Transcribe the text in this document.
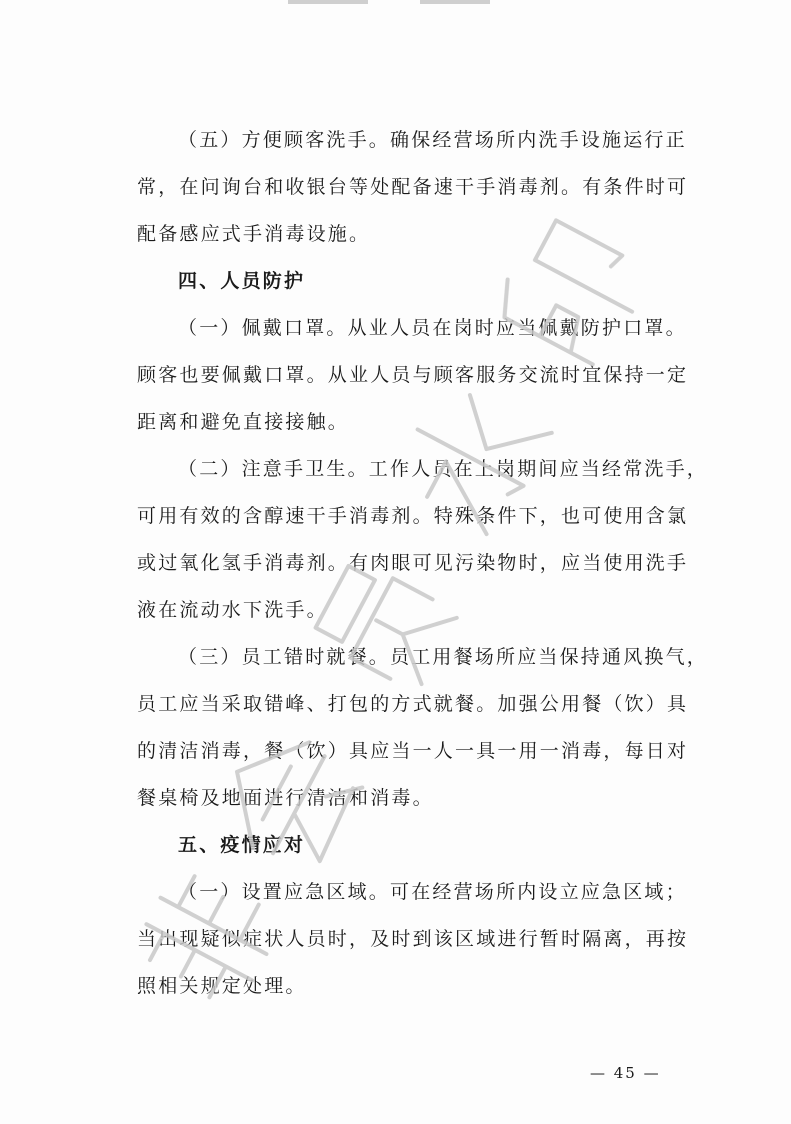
（五）方便顾客洗手。确保经营场所内洗手设施运行正
常，在问询台和收银台等处配备速干手消毒剂。有条件时可
配备感应式手消毒设施。
四、人员防护
（一）佩戴口罩。从业人员在岗时应当佩戴防护口罩。
顾客也要佩戴口罩。从业人员与顾客服务交流时宜保持一定
距离和避免直接接触。
（二）注意手卫生。工作人员在上岗期间应当经常洗手，
可用有效的含醇速干手消毒剂。特殊条件下，也可使用含氯
或过氧化氢手消毒剂。有肉眼可见污染物时，应当使用洗手
液在流动水下洗手。
（三）员工错时就餐。员工用餐场所应当保持通风换气，
员工应当采取错峰、打包的方式就餐。加强公用餐（饮）具
的清洁消毒，餐（饮）具应当一人一具一用一消毒，每日对
餐桌椅及地面进行清洁和消毒。
五、疫情应对
（一）设置应急区域。可在经营场所内设立应急区域；
当出现疑似症状人员时，及时到该区域进行暂时隔离，再按
照相关规定处理。
— 45 —
